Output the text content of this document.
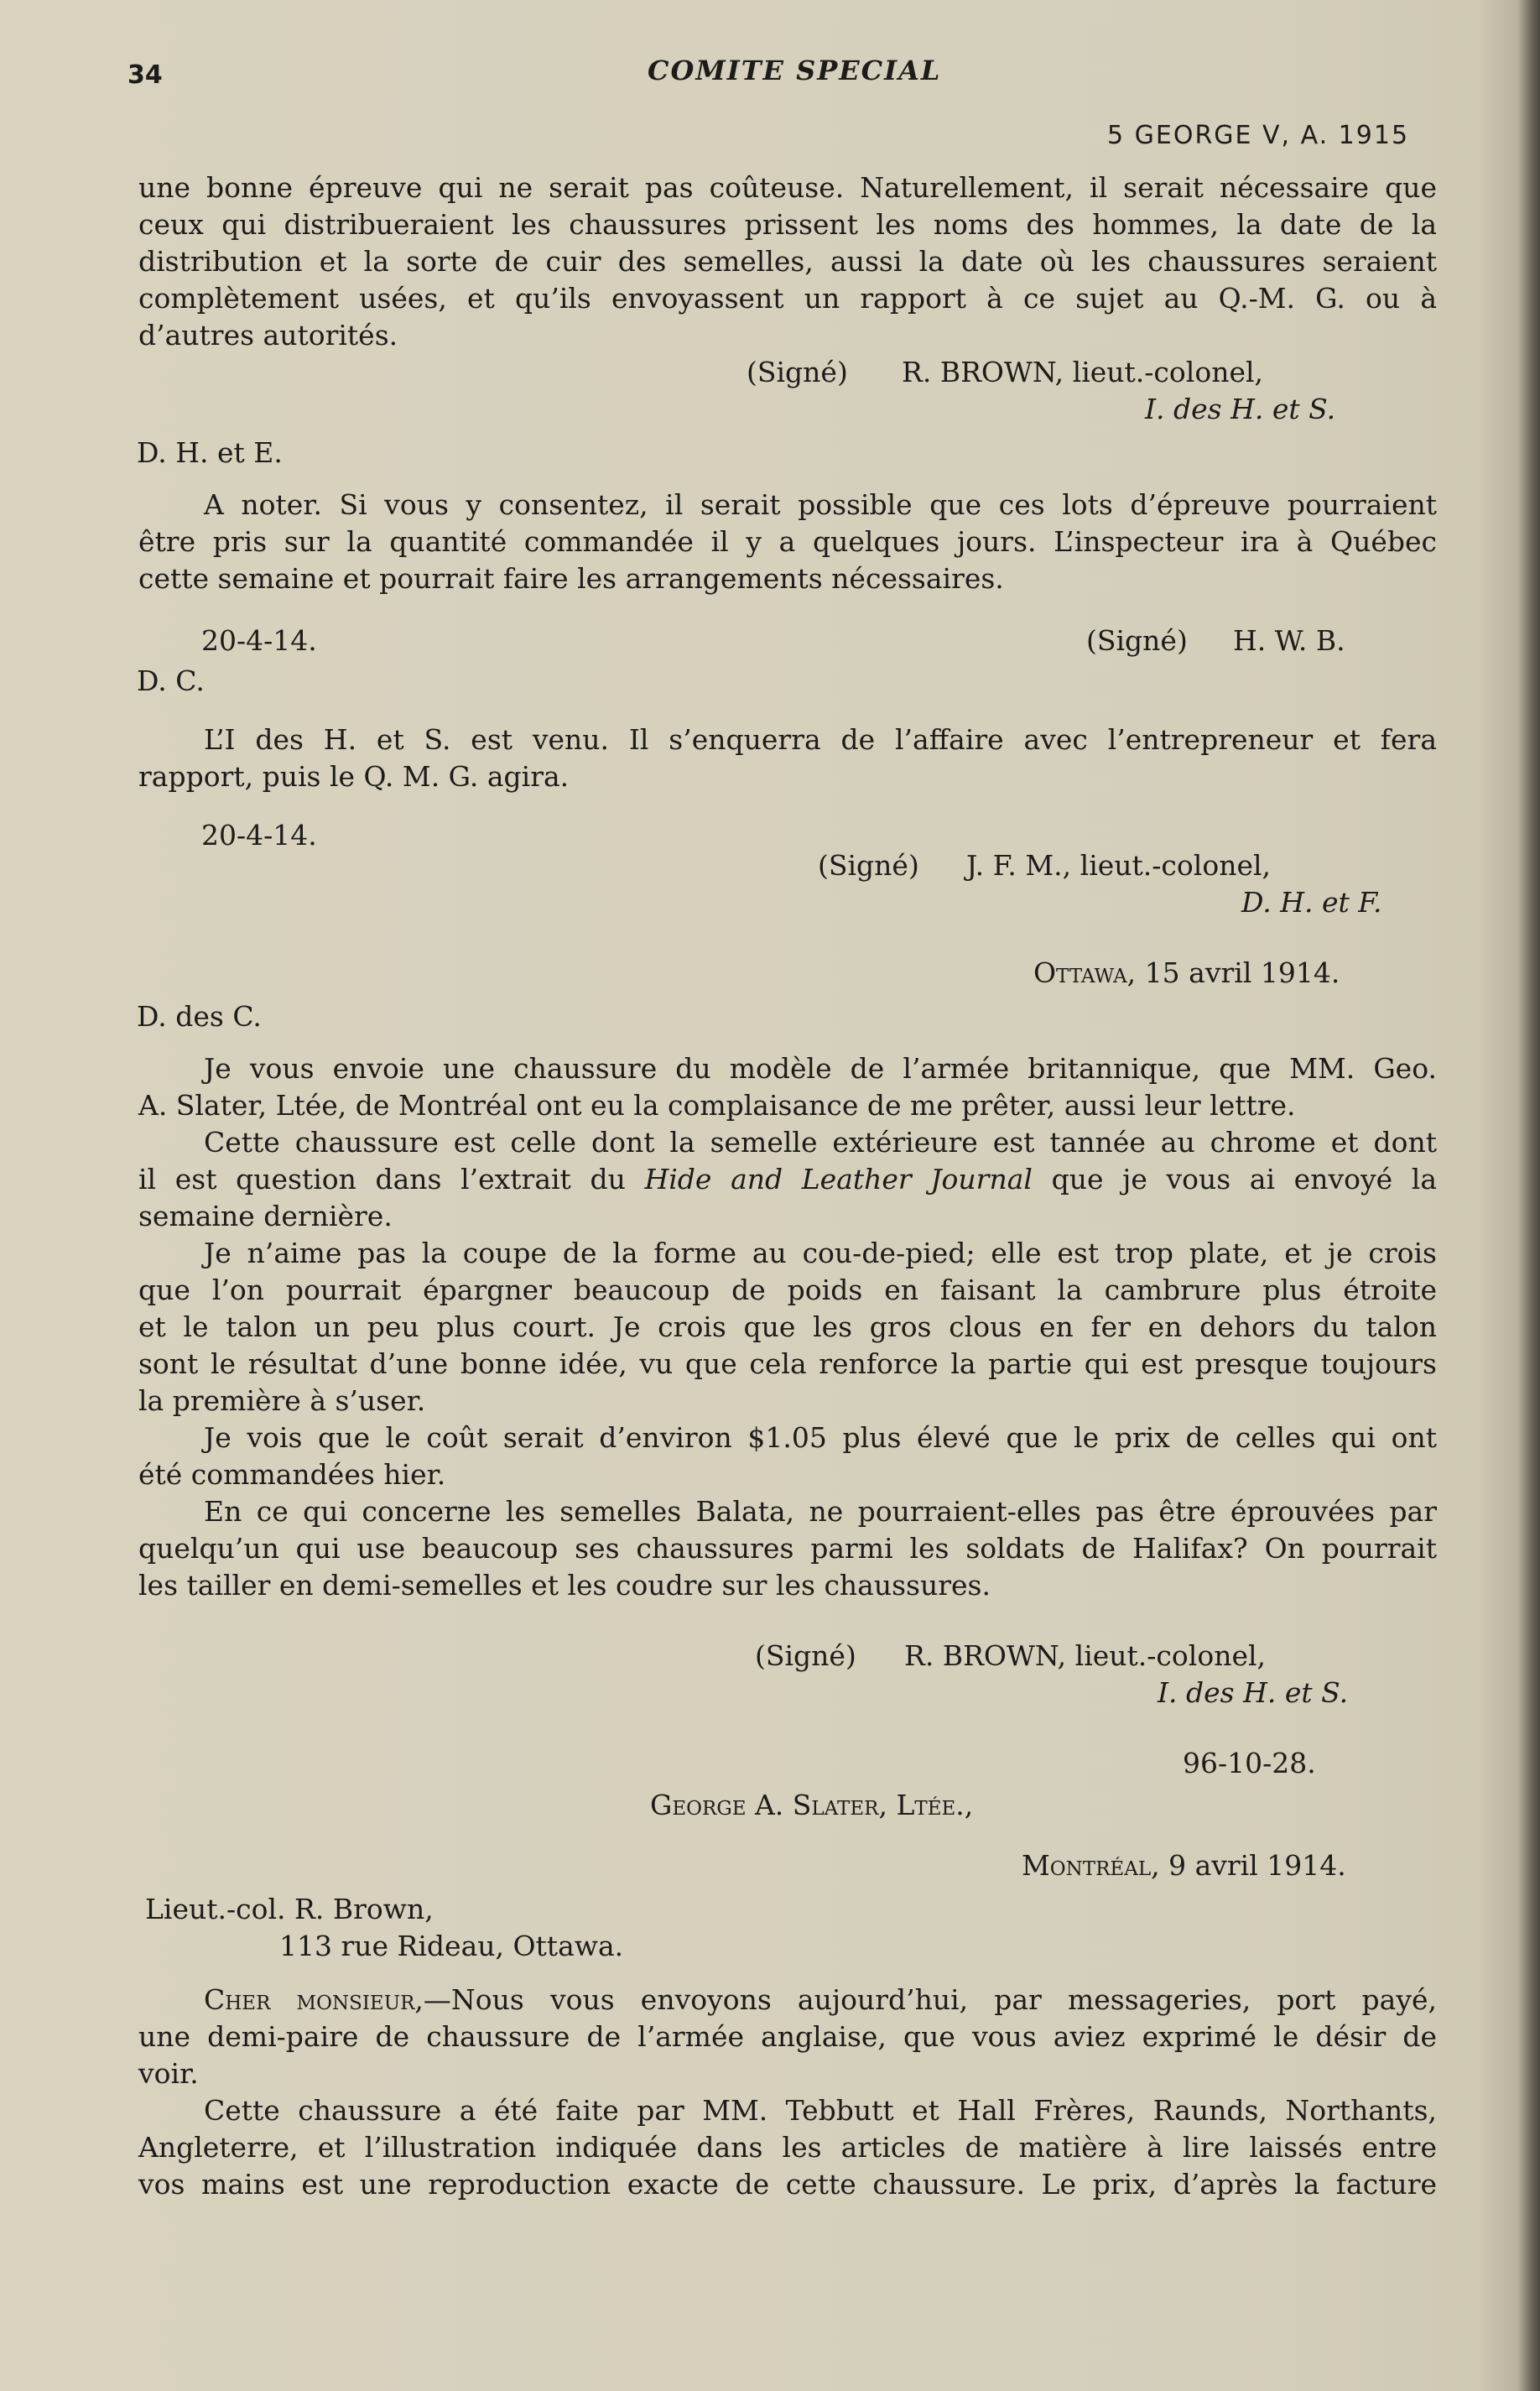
34	COMITE SPECIAL
5 GEORGE V, A. 1915
une bonne épreuve qui ne serait pas coûteuse. Naturellement, il serait nécessaire que
ceux qui distribueraient les chaussures prissent les noms des hommes, la date de la
distribution et la sorte de cuir des semelles, aussi la date où les chaussures seraient
complètement usées, et qu’ils envoyassent un rapport à ce sujet au Q.-M. G. ou à
d’autres autorités.
(Signé) R. BROWN, lieut.-colonel,
I. des H. et S.
D. H. et E.
A noter. Si vous y consentez, il serait possible que ces lots d’épreuve pourraient
être pris sur la quantité commandée il y a quelques jours. L’inspecteur ira à Québec
cette semaine et pourrait faire les arrangements nécessaires.
20-4-14.	(Signé) H. W. B.
D. C.
L’I des H. et S. est venu. Il s’enquerra de l’affaire avec l’entrepreneur et fera
rapport, puis le Q. M. G. agira.
20-4-14.
(Signé) J. F. M., lieut.-colonel,
D. H. et F.
Ottawa, 15 avril 1914.
D. des C.
Je vous envoie une chaussure du modèle de l’armée britannique, que MM. Geo.
A. Slater, Ltée, de Montréal ont eu la complaisance de me prêter, aussi leur lettre.
Cette chaussure est celle dont la semelle extérieure est tannée au chrome et dont
il est question dans l’extrait du Hide and Leather Journal que je vous ai envoyé la
semaine dernière.
Je n’aime pas la coupe de la forme au cou-de-pied; elle est trop plate, et je crois
que l’on pourrait épargner beaucoup de poids en faisant la cambrure plus étroite
et le talon un peu plus court. Je crois que les gros clous en fer en dehors du talon
sont le résultat d’une bonne idée, vu que cela renforce la partie qui est presque toujours
la première à s’user.
Je vois que le coût serait d’environ $1.05 plus élevé que le prix de celles qui ont
été commandées hier.
En ce qui concerne les semelles Balata, ne pourraient-elles pas être éprouvées par
quelqu’un qui use beaucoup ses chaussures parmi les soldats de Halifax? On pourrait
les tailler en demi-semelles et les coudre sur les chaussures.
(Signé) R. BROWN, lieut.-colonel,
I. des H. et S.
96-10-28.
George A. Slater, Ltée.,
Montréal, 9 avril 1914.
Lieut.-col. R. Brown,
113 rue Rideau, Ottawa.
Cher monsieur,—Nous vous envoyons aujourd’hui, par messageries, port payé,
une demi-paire de chaussure de l’armée anglaise, que vous aviez exprimé le désir de
voir.
Cette chaussure a été faite par MM. Tebbutt et Hall Frères, Raunds, Northants,
Angleterre, et l’illustration indiquée dans les articles de matière à lire laissés entre
vos mains est une reproduction exacte de cette chaussure. Le prix, d’après la facture
